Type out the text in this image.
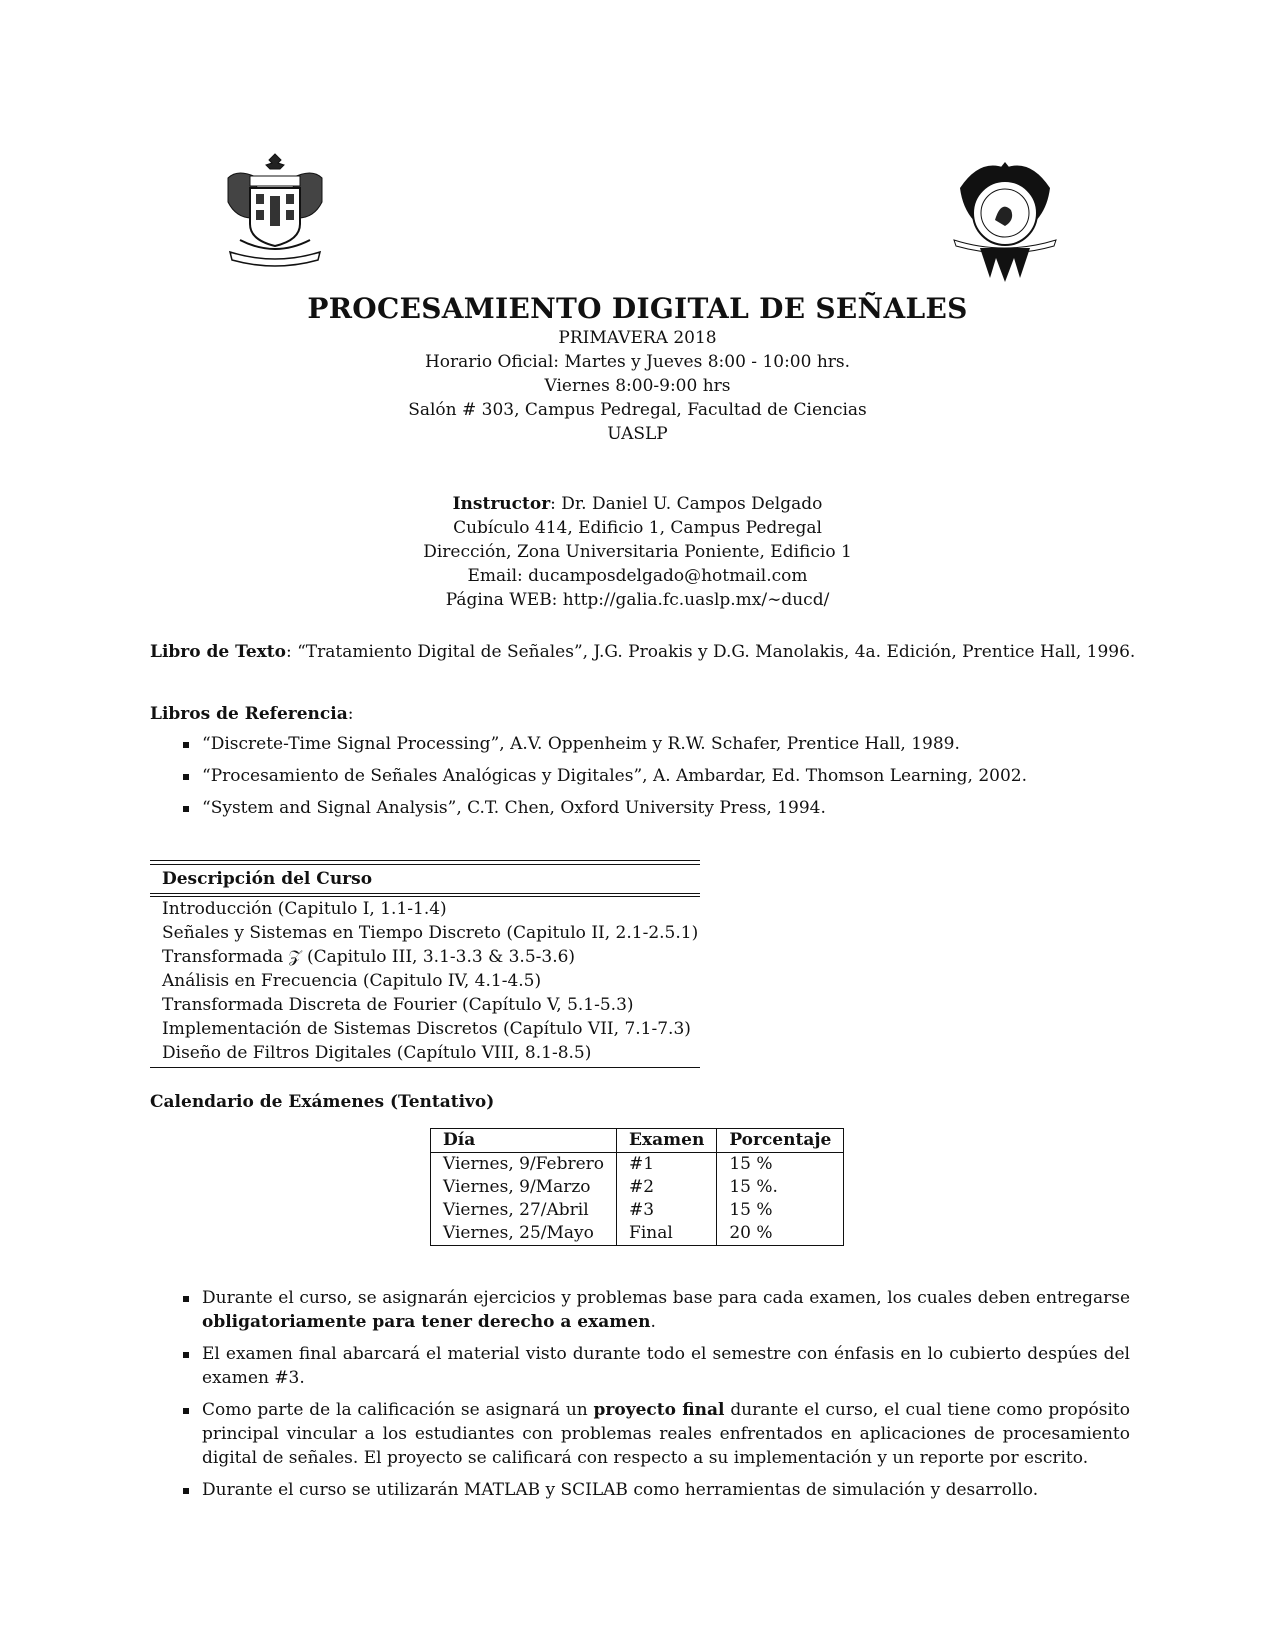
PROCESAMIENTO DIGITAL DE SEÑALES
PRIMAVERA 2018
Horario Oficial: Martes y Jueves 8:00 - 10:00 hrs.
Viernes 8:00-9:00 hrs
Salón # 303, Campus Pedregal, Facultad de Ciencias
UASLP
Instructor: Dr. Daniel U. Campos Delgado
Cubículo 414, Edificio 1, Campus Pedregal
Dirección, Zona Universitaria Poniente, Edificio 1
Email: ducamposdelgado@hotmail.com
Página WEB: http://galia.fc.uaslp.mx/∼ducd/
Libro de Texto: “Tratamiento Digital de Señales”, J.G. Proakis y D.G. Manolakis, 4a. Edición, Prentice Hall, 1996.
Libros de Referencia:
“Discrete-Time Signal Processing”, A.V. Oppenheim y R.W. Schafer, Prentice Hall, 1989.
“Procesamiento de Señales Analógicas y Digitales”, A. Ambardar, Ed. Thomson Learning, 2002.
“System and Signal Analysis”, C.T. Chen, Oxford University Press, 1994.
Descripción del Curso
Introducción (Capitulo I, 1.1-1.4)
Señales y Sistemas en Tiempo Discreto (Capitulo II, 2.1-2.5.1)
Transformada 𝒵 (Capitulo III, 3.1-3.3 & 3.5-3.6)
Análisis en Frecuencia (Capitulo IV, 4.1-4.5)
Transformada Discreta de Fourier (Capítulo V, 5.1-5.3)
Implementación de Sistemas Discretos (Capítulo VII, 7.1-7.3)
Diseño de Filtros Digitales (Capítulo VIII, 8.1-8.5)
Calendario de Exámenes (Tentativo)
Día	Examen	Porcentaje
Viernes, 9/Febrero	#1	15 %
Viernes, 9/Marzo	#2	15 %.
Viernes, 27/Abril	#3	15 %
Viernes, 25/Mayo	Final	20 %
Durante el curso, se asignarán ejercicios y problemas base para cada examen, los cuales deben entregarse obligatoriamente para tener derecho a examen.
El examen final abarcará el material visto durante todo el semestre con énfasis en lo cubierto despúes del examen #3.
Como parte de la calificación se asignará un proyecto final durante el curso, el cual tiene como propósito principal vincular a los estudiantes con problemas reales enfrentados en aplicaciones de procesamiento digital de señales. El proyecto se calificará con respecto a su implementación y un reporte por escrito.
Durante el curso se utilizarán MATLAB y SCILAB como herramientas de simulación y desarrollo.
